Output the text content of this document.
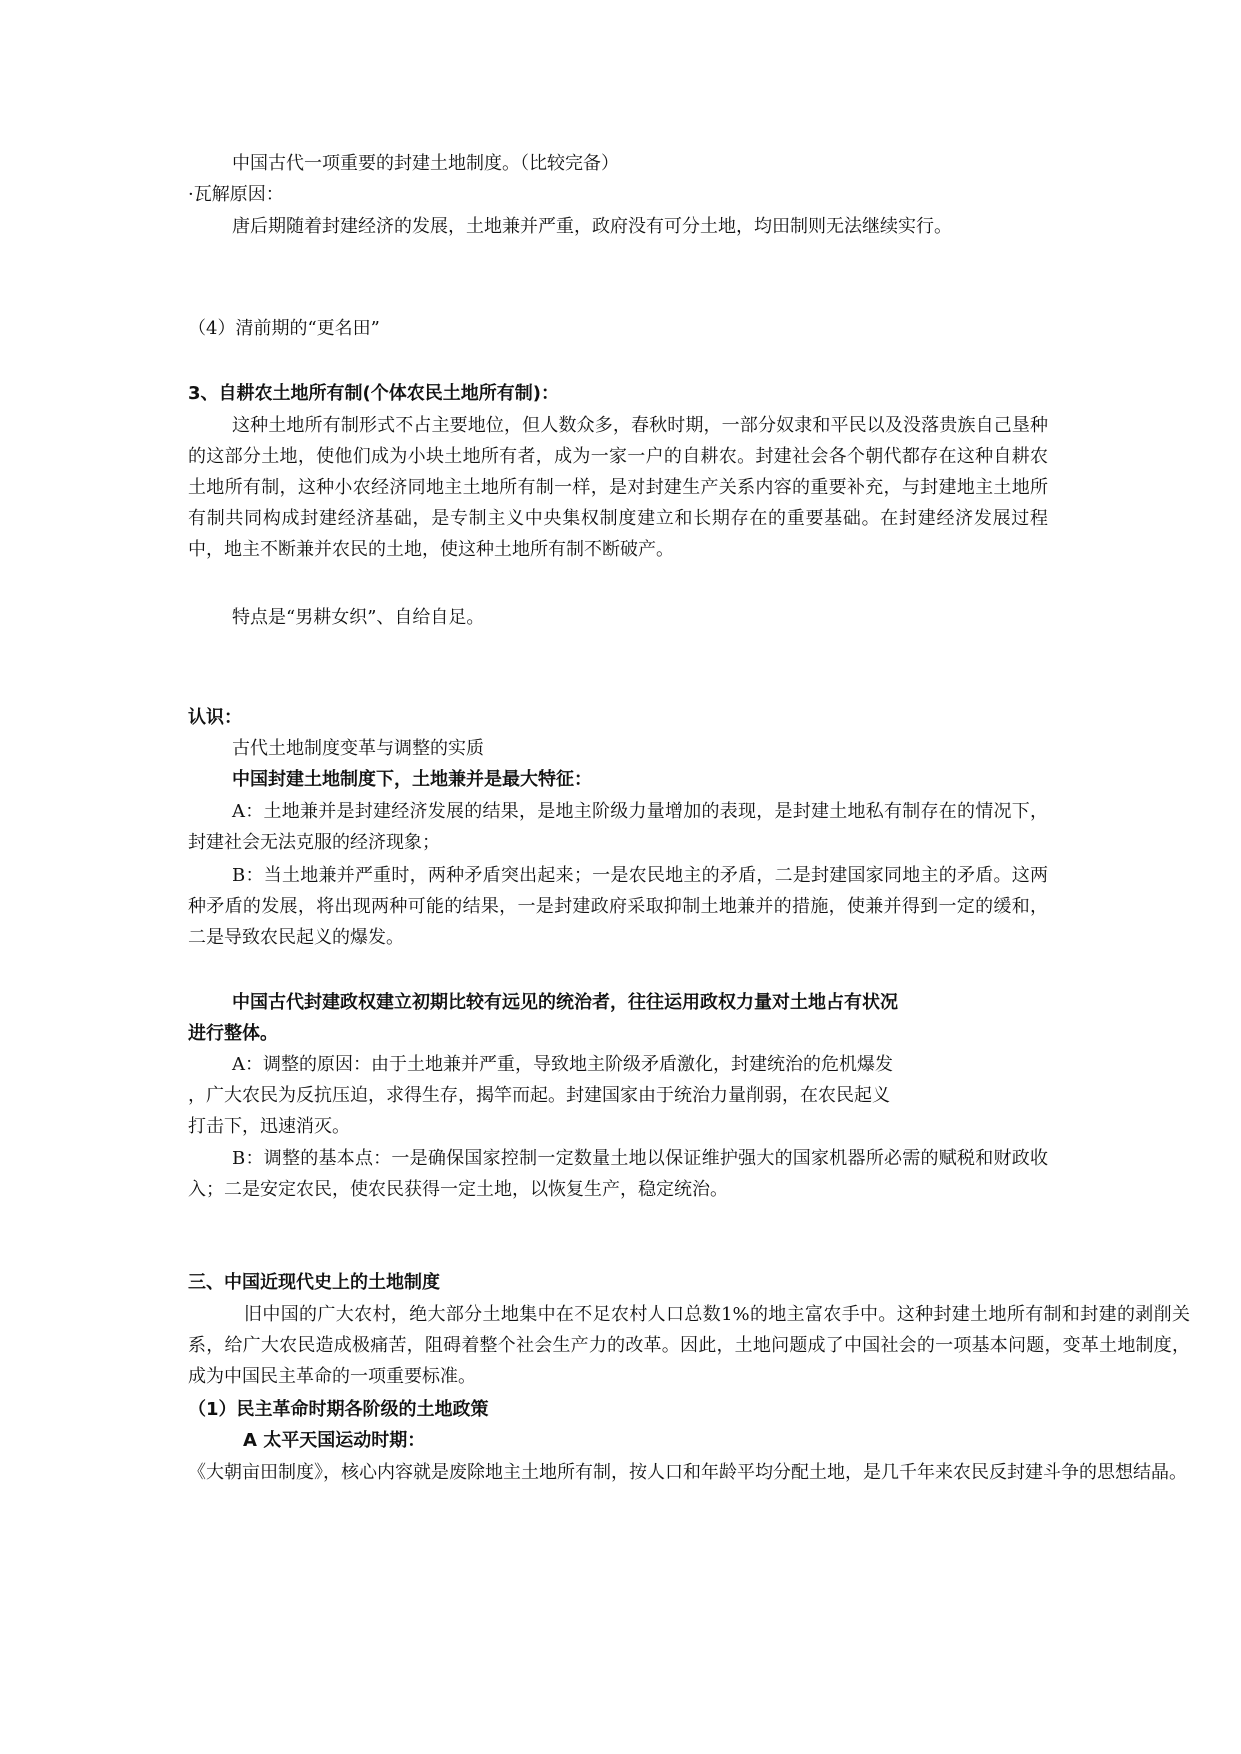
中国古代一项重要的封建土地制度。（比较完备）
·瓦解原因：
唐后期随着封建经济的发展，土地兼并严重，政府没有可分土地，均田制则无法继续实行。
（4）清前期的“更名田”
3、自耕农土地所有制(个体农民土地所有制)：
这种土地所有制形式不占主要地位，但人数众多，春秋时期，一部分奴隶和平民以及没落贵族自己垦种的这部分土地，使他们成为小块土地所有者，成为一家一户的自耕农。封建社会各个朝代都存在这种自耕农土地所有制，这种小农经济同地主土地所有制一样，是对封建生产关系内容的重要补充，与封建地主土地所有制共同构成封建经济基础，是专制主义中央集权制度建立和长期存在的重要基础。在封建经济发展过程中，地主不断兼并农民的土地，使这种土地所有制不断破产。
特点是“男耕女织”、自给自足。
认识：
古代土地制度变革与调整的实质
中国封建土地制度下，土地兼并是最大特征：
A：土地兼并是封建经济发展的结果，是地主阶级力量增加的表现，是封建土地私有制存在的情况下，封建社会无法克服的经济现象；
B：当土地兼并严重时，两种矛盾突出起来；一是农民地主的矛盾，二是封建国家同地主的矛盾。这两种矛盾的发展，将出现两种可能的结果，一是封建政府采取抑制土地兼并的措施，使兼并得到一定的缓和，二是导致农民起义的爆发。
中国古代封建政权建立初期比较有远见的统治者，往往运用政权力量对土地占有状况
进行整体。
A：调整的原因：由于土地兼并严重，导致地主阶级矛盾激化，封建统治的危机爆发
，广大农民为反抗压迫，求得生存，揭竿而起。封建国家由于统治力量削弱，在农民起义
打击下，迅速消灭。
B：调整的基本点：一是确保国家控制一定数量土地以保证维护强大的国家机器所必需的赋税和财政收入；二是安定农民，使农民获得一定土地，以恢复生产，稳定统治。
三、中国近现代史上的土地制度
旧中国的广大农村，绝大部分土地集中在不足农村人口总数1%的地主富农手中。这种封建土地所有制和封建的剥削关系，给广大农民造成极痛苦，阻碍着整个社会生产力的改革。因此，土地问题成了中国社会的一项基本问题，变革土地制度，成为中国民主革命的一项重要标准。
（1）民主革命时期各阶级的土地政策
A 太平天国运动时期：
《大朝亩田制度》，核心内容就是废除地主土地所有制，按人口和年龄平均分配土地，是几千年来农民反封建斗争的思想结晶。
